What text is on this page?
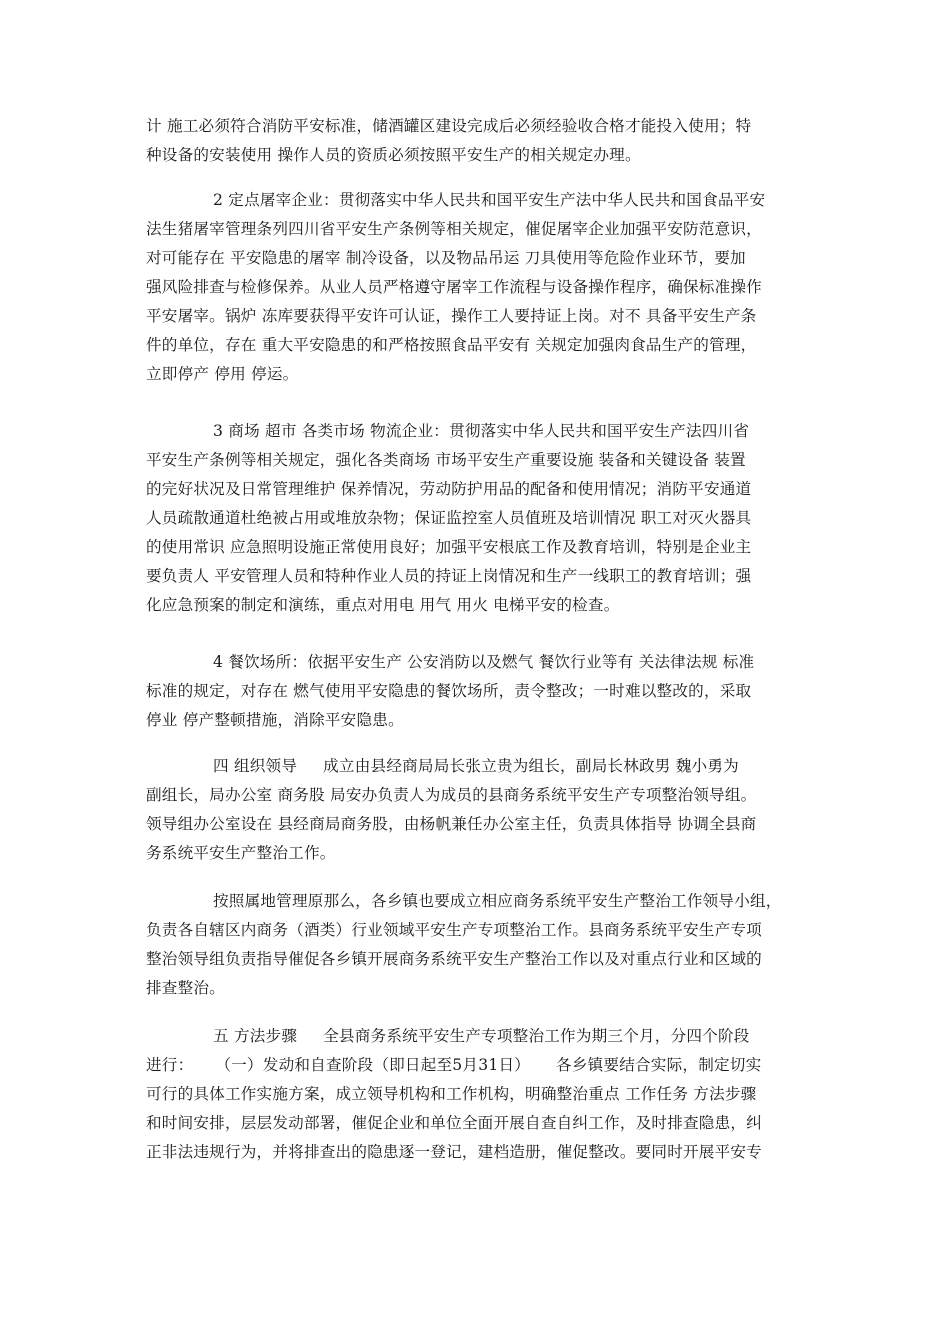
计 施工必须符合消防平安标准，储酒罐区建设完成后必须经验收合格才能投入使用；特
种设备的安装使用 操作人员的资质必须按照平安生产的相关规定办理。
2 定点屠宰企业：贯彻落实中华人民共和国平安生产法中华人民共和国食品平安
法生猪屠宰管理条列四川省平安生产条例等相关规定，催促屠宰企业加强平安防范意识，
对可能存在 平安隐患的屠宰 制冷设备，以及物品吊运 刀具使用等危险作业环节，要加
强风险排查与检修保养。从业人员严格遵守屠宰工作流程与设备操作程序，确保标准操作
平安屠宰。锅炉 冻库要获得平安许可认证，操作工人要持证上岗。对不 具备平安生产条
件的单位，存在 重大平安隐患的和严格按照食品平安有 关规定加强肉食品生产的管理，
立即停产 停用 停运。
3 商场 超市 各类市场 物流企业：贯彻落实中华人民共和国平安生产法四川省
平安生产条例等相关规定，强化各类商场 市场平安生产重要设施 装备和关键设备 装置
的完好状况及日常管理维护 保养情况，劳动防护用品的配备和使用情况；消防平安通道
人员疏散通道杜绝被占用或堆放杂物；保证监控室人员值班及培训情况 职工对灭火器具
的使用常识 应急照明设施正常使用良好；加强平安根底工作及教育培训，特别是企业主
要负责人 平安管理人员和特种作业人员的持证上岗情况和生产一线职工的教育培训；强
化应急预案的制定和演练，重点对用电 用气 用火 电梯平安的检查。
4 餐饮场所：依据平安生产 公安消防以及燃气 餐饮行业等有 关法律法规 标准
标准的规定，对存在 燃气使用平安隐患的餐饮场所，责令整改；一时难以整改的，采取
停业 停产整顿措施，消除平安隐患。
四 组织领导 成立由县经商局局长张立贵为组长，副局长林政男 魏小勇为
副组长，局办公室 商务股 局安办负责人为成员的县商务系统平安生产专项整治领导组。
领导组办公室设在 县经商局商务股，由杨帆兼任办公室主任，负责具体指导 协调全县商
务系统平安生产整治工作。
按照属地管理原那么，各乡镇也要成立相应商务系统平安生产整治工作领导小组，
负责各自辖区内商务（酒类）行业领域平安生产专项整治工作。县商务系统平安生产专项
整治领导组负责指导催促各乡镇开展商务系统平安生产整治工作以及对重点行业和区域的
排查整治。
五 方法步骤 全县商务系统平安生产专项整治工作为期三个月，分四个阶段
进行： （一）发动和自查阶段（即日起至5月31日） 各乡镇要结合实际，制定切实
可行的具体工作实施方案，成立领导机构和工作机构，明确整治重点 工作任务 方法步骤
和时间安排，层层发动部署，催促企业和单位全面开展自查自纠工作，及时排查隐患，纠
正非法违规行为，并将排查出的隐患逐一登记，建档造册，催促整改。要同时开展平安专
